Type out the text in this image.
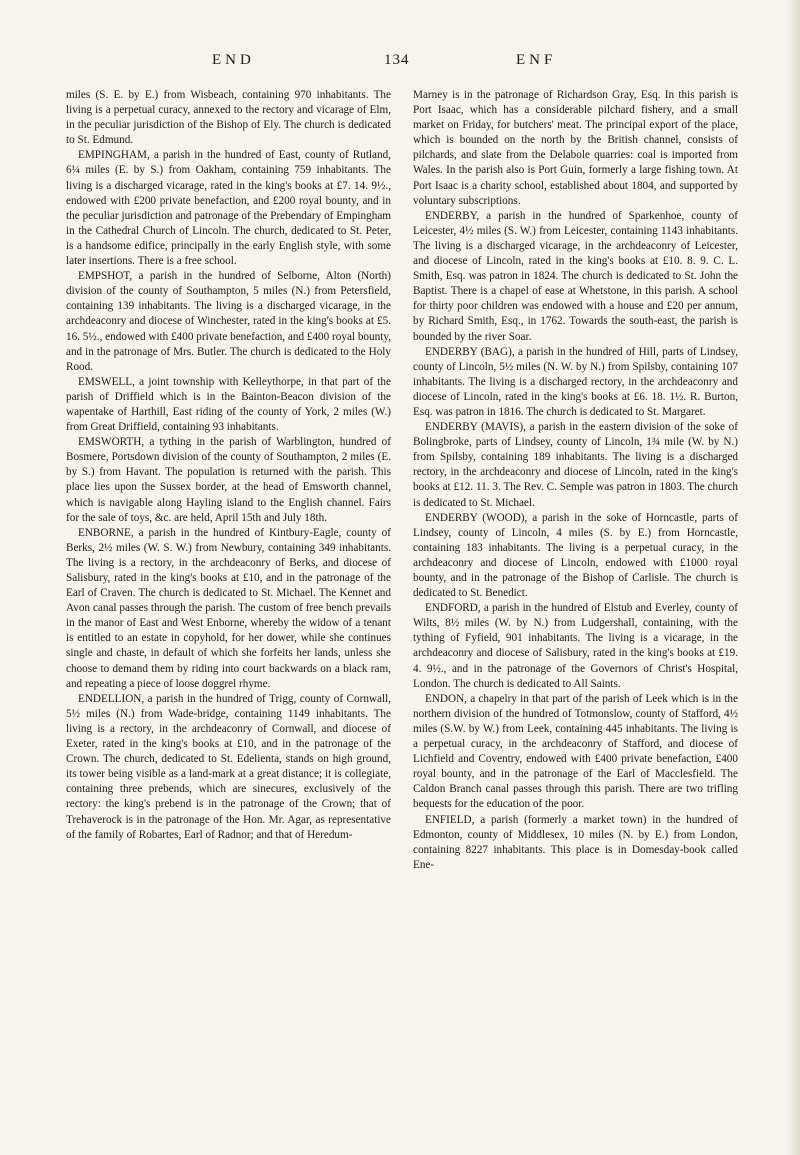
END	134	ENF

miles (S. E. by E.) from Wisbeach, containing 970 inhabitants. The living is a perpetual curacy, annexed to the rectory and vicarage of Elm, in the peculiar jurisdiction of the Bishop of Ely. The church is dedicated to St. Edmund.

EMPINGHAM, a parish in the hundred of East, county of Rutland, 6¼ miles (E. by S.) from Oakham, containing 759 inhabitants. The living is a discharged vicarage, rated in the king's books at £7. 14. 9½., endowed with £200 private benefaction, and £200 royal bounty, and in the peculiar jurisdiction and patronage of the Prebendary of Empingham in the Cathedral Church of Lincoln. The church, dedicated to St. Peter, is a handsome edifice, principally in the early English style, with some later insertions. There is a free school.

EMPSHOT, a parish in the hundred of Selborne, Alton (North) division of the county of Southampton, 5 miles (N.) from Petersfield, containing 139 inhabitants. The living is a discharged vicarage, in the archdeaconry and diocese of Winchester, rated in the king's books at £5. 16. 5½., endowed with £400 private benefaction, and £400 royal bounty, and in the patronage of Mrs. Butler. The church is dedicated to the Holy Rood.

EMSWELL, a joint township with Kelleythorpe, in that part of the parish of Driffield which is in the Bainton-Beacon division of the wapentake of Harthill, East riding of the county of York, 2 miles (W.) from Great Driffield, containing 93 inhabitants.

EMSWORTH, a tything in the parish of Warblington, hundred of Bosmere, Portsdown division of the county of Southampton, 2 miles (E. by S.) from Havant. The population is returned with the parish. This place lies upon the Sussex border, at the head of Emsworth channel, which is navigable along Hayling island to the English channel. Fairs for the sale of toys, &c. are held, April 15th and July 18th.

ENBORNE, a parish in the hundred of Kintbury-Eagle, county of Berks, 2½ miles (W. S. W.) from Newbury, containing 349 inhabitants. The living is a rectory, in the archdeaconry of Berks, and diocese of Salisbury, rated in the king's books at £10, and in the patronage of the Earl of Craven. The church is dedicated to St. Michael. The Kennet and Avon canal passes through the parish. The custom of free bench prevails in the manor of East and West Enborne, whereby the widow of a tenant is entitled to an estate in copyhold, for her dower, while she continues single and chaste, in default of which she forfeits her lands, unless she choose to demand them by riding into court backwards on a black ram, and repeating a piece of loose doggrel rhyme.

ENDELLION, a parish in the hundred of Trigg, county of Cornwall, 5½ miles (N.) from Wade-bridge, containing 1149 inhabitants. The living is a rectory, in the archdeaconry of Cornwall, and diocese of Exeter, rated in the king's books at £10, and in the patronage of the Crown. The church, dedicated to St. Edelienta, stands on high ground, its tower being visible as a land-mark at a great distance; it is collegiate, containing three prebends, which are sinecures, exclusively of the rectory: the king's prebend is in the patronage of the Crown; that of Trehaverock is in the patronage of the Hon. Mr. Agar, as representative of the family of Robartes, Earl of Radnor; and that of Heredum-

Marney is in the patronage of Richardson Gray, Esq. In this parish is Port Isaac, which has a considerable pilchard fishery, and a small market on Friday, for butchers' meat. The principal export of the place, which is bounded on the north by the British channel, consists of pilchards, and slate from the Delabole quarries: coal is imported from Wales. In the parish also is Port Guin, formerly a large fishing town. At Port Isaac is a charity school, established about 1804, and supported by voluntary subscriptions.

ENDERBY, a parish in the hundred of Sparkenhoe, county of Leicester, 4½ miles (S. W.) from Leicester, containing 1143 inhabitants. The living is a discharged vicarage, in the archdeaconry of Leicester, and diocese of Lincoln, rated in the king's books at £10. 8. 9. C. L. Smith, Esq. was patron in 1824. The church is dedicated to St. John the Baptist. There is a chapel of ease at Whetstone, in this parish. A school for thirty poor children was endowed with a house and £20 per annum, by Richard Smith, Esq., in 1762. Towards the south-east, the parish is bounded by the river Soar.

ENDERBY (BAG), a parish in the hundred of Hill, parts of Lindsey, county of Lincoln, 5½ miles (N. W. by N.) from Spilsby, containing 107 inhabitants. The living is a discharged rectory, in the archdeaconry and diocese of Lincoln, rated in the king's books at £6. 18. 1½. R. Burton, Esq. was patron in 1816. The church is dedicated to St. Margaret.

ENDERBY (MAVIS), a parish in the eastern division of the soke of Bolingbroke, parts of Lindsey, county of Lincoln, 1¾ mile (W. by N.) from Spilsby, containing 189 inhabitants. The living is a discharged rectory, in the archdeaconry and diocese of Lincoln, rated in the king's books at £12. 11. 3. The Rev. C. Semple was patron in 1803. The church is dedicated to St. Michael.

ENDERBY (WOOD), a parish in the soke of Horncastle, parts of Lindsey, county of Lincoln, 4 miles (S. by E.) from Horncastle, containing 183 inhabitants. The living is a perpetual curacy, in the archdeaconry and diocese of Lincoln, endowed with £1000 royal bounty, and in the patronage of the Bishop of Carlisle. The church is dedicated to St. Benedict.

ENDFORD, a parish in the hundred of Elstub and Everley, county of Wilts, 8½ miles (W. by N.) from Ludgershall, containing, with the tything of Fyfield, 901 inhabitants. The living is a vicarage, in the archdeaconry and diocese of Salisbury, rated in the king's books at £19. 4. 9½., and in the patronage of the Governors of Christ's Hospital, London. The church is dedicated to All Saints.

ENDON, a chapelry in that part of the parish of Leek which is in the northern division of the hundred of Totmonslow, county of Stafford, 4½ miles (S.W. by W.) from Leek, containing 445 inhabitants. The living is a perpetual curacy, in the archdeaconry of Stafford, and diocese of Lichfield and Coventry, endowed with £400 private benefaction, £400 royal bounty, and in the patronage of the Earl of Macclesfield. The Caldon Branch canal passes through this parish. There are two trifling bequests for the education of the poor.

ENFIELD, a parish (formerly a market town) in the hundred of Edmonton, county of Middlesex, 10 miles (N. by E.) from London, containing 8227 inhabitants. This place is in Domesday-book called Ene-
